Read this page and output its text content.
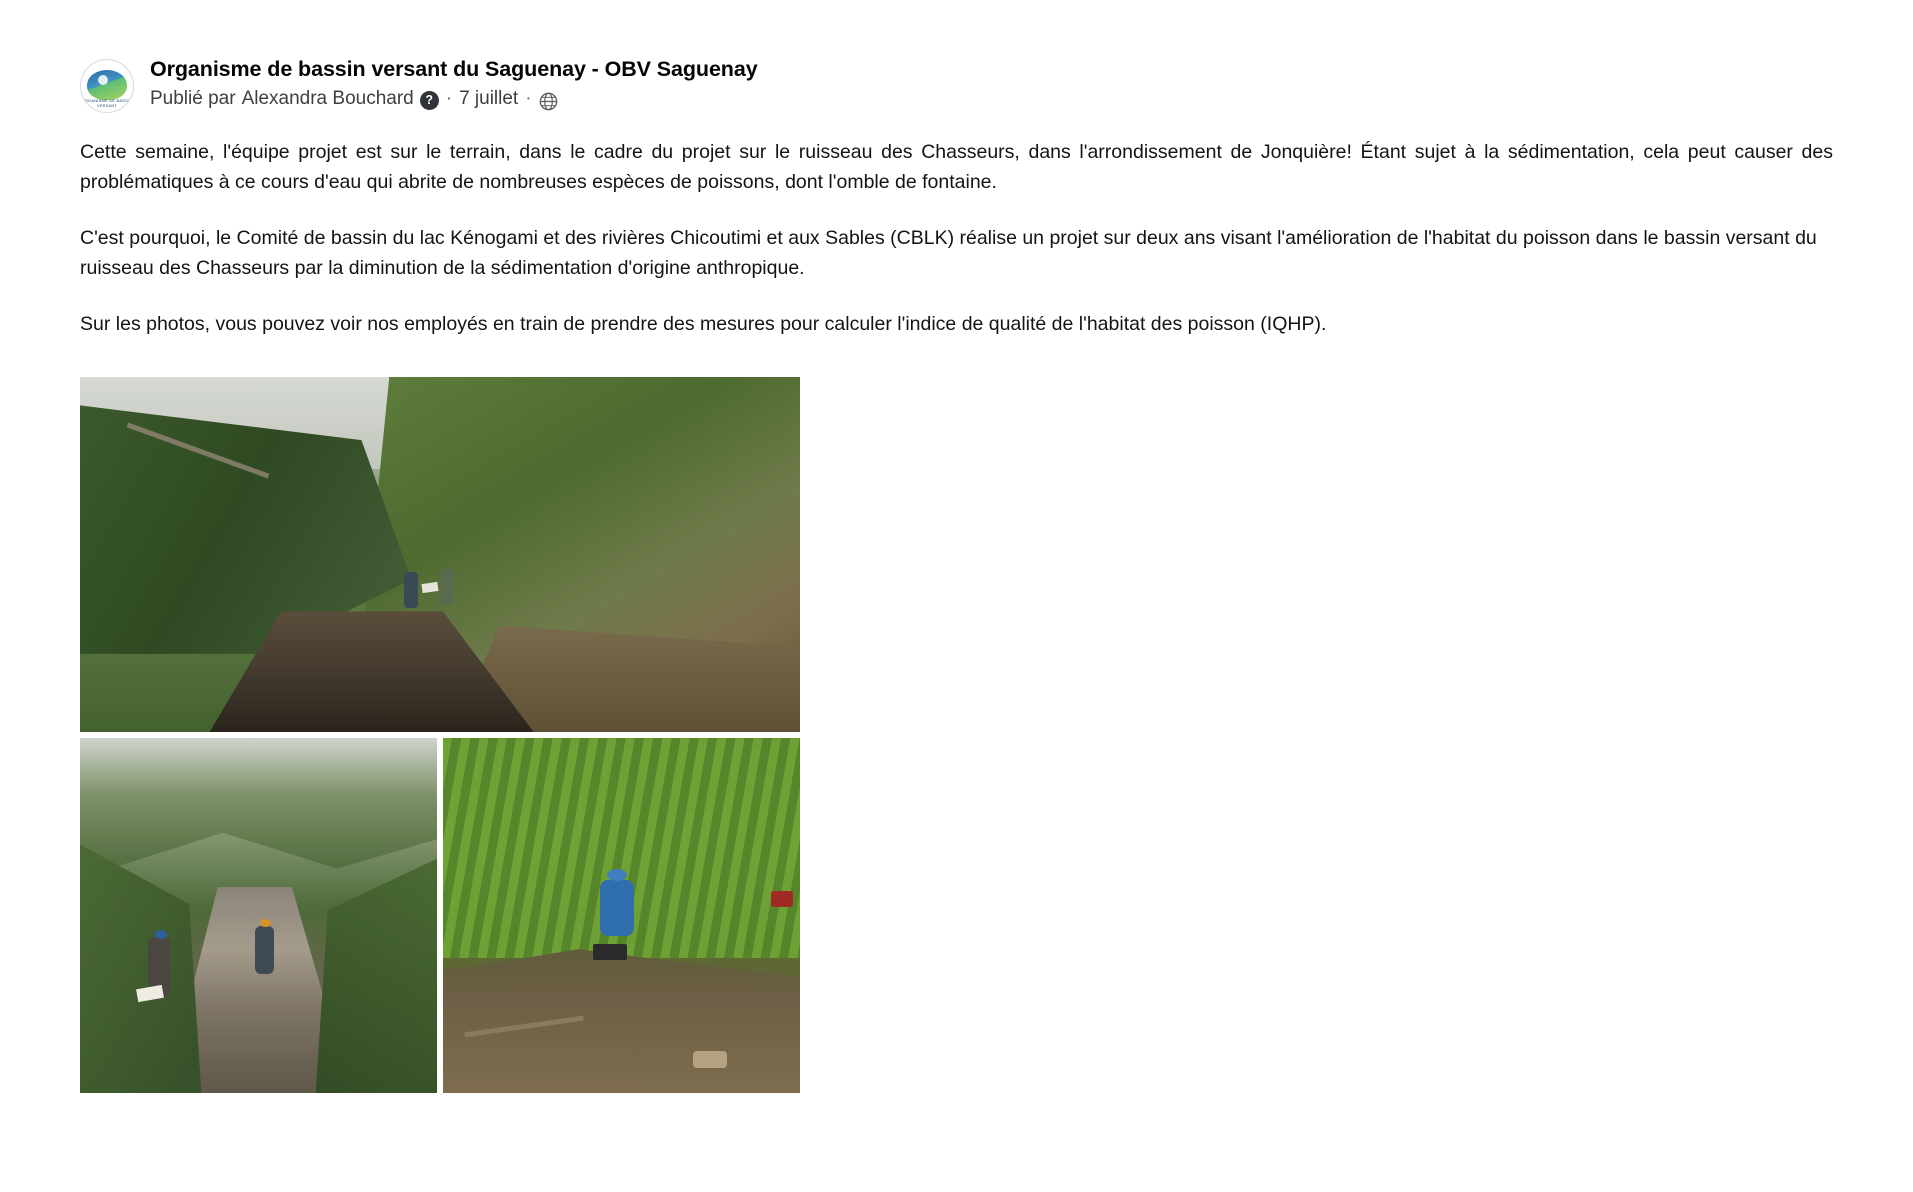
ORGANISME DE BASSIN VERSANT
Organisme de bassin versant du Saguenay - OBV Saguenay
Publié par Alexandra Bouchard ? · 7 juillet ·

Cette semaine, l'équipe projet est sur le terrain, dans le cadre du projet sur le ruisseau des Chasseurs, dans l'arrondissement de Jonquière! Étant sujet à la sédimentation, cela peut causer des problématiques à ce cours d'eau qui abrite de nombreuses espèces de poissons, dont l'omble de fontaine.

C'est pourquoi, le Comité de bassin du lac Kénogami et des rivières Chicoutimi et aux Sables (CBLK) réalise un projet sur deux ans visant l'amélioration de l'habitat du poisson dans le bassin versant du ruisseau des Chasseurs par la diminution de la sédimentation d'origine anthropique.

Sur les photos, vous pouvez voir nos employés en train de prendre des mesures pour calculer l'indice de qualité de l'habitat des poisson (IQHP).
